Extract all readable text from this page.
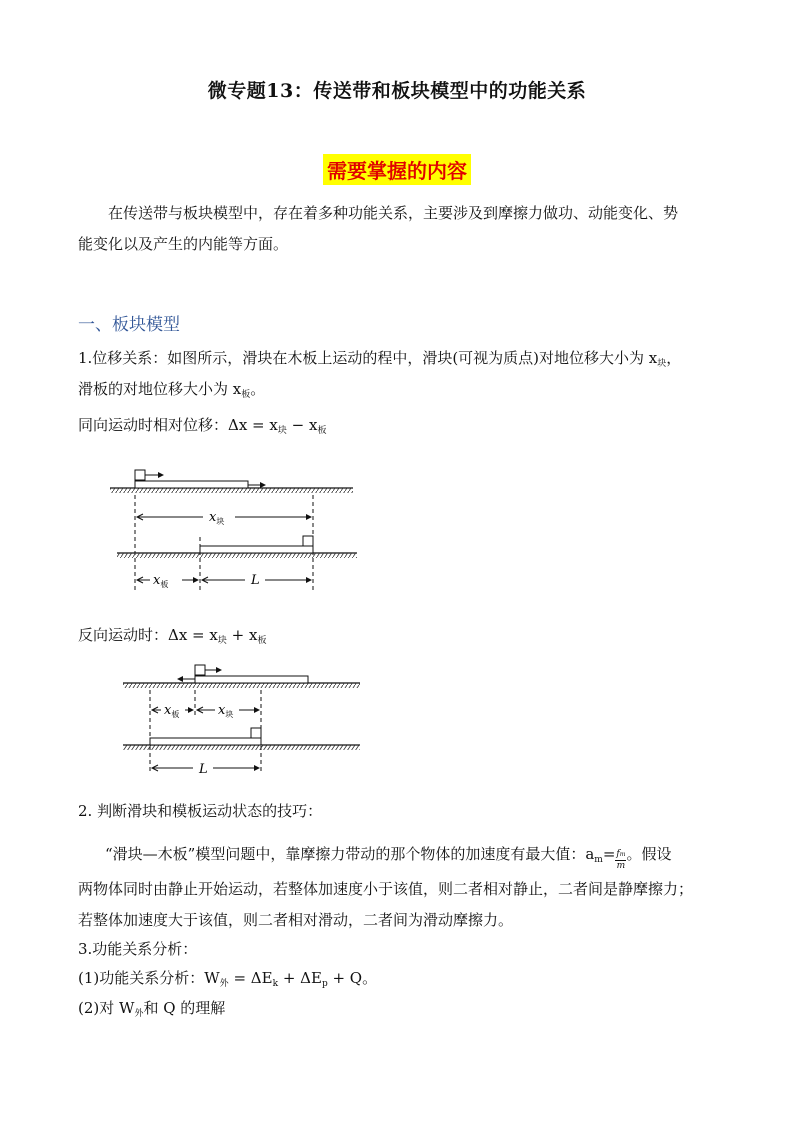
微专题13：传送带和板块模型中的功能关系
需要掌握的内容
在传送带与板块模型中，存在着多种功能关系，主要涉及到摩擦力做功、动能变化、势
能变化以及产生的内能等方面。
一、板块模型
1.位移关系：如图所示，滑块在木板上运动的程中，滑块(可视为质点)对地位移大小为 $x_块$，
滑板的对地位移大小为 $x_板$。
同向运动时相对位移：$\Delta x = x_块 - x_板$
$x_块$
$x_板$	L
反向运动时：$\Delta x = x_块 + x_板$
$x_板$	$x_块$
L
2. 判断滑块和模板运动状态的技巧：
“滑块—木板”模型问题中，靠摩擦力带动的那个物体的加速度有最大值：$a_m= \frac{fm}{m}$ 。假设
两物体同时由静止开始运动，若整体加速度小于该值，则二者相对静止，二者间是静摩擦力；
若整体加速度大于该值，则二者相对滑动，二者间为滑动摩擦力。
3.功能关系分析：
(1)功能关系分析：$W_外 = \Delta E_k + \Delta E_p + Q$。
(2)对 $W_外$和 Q 的理解
